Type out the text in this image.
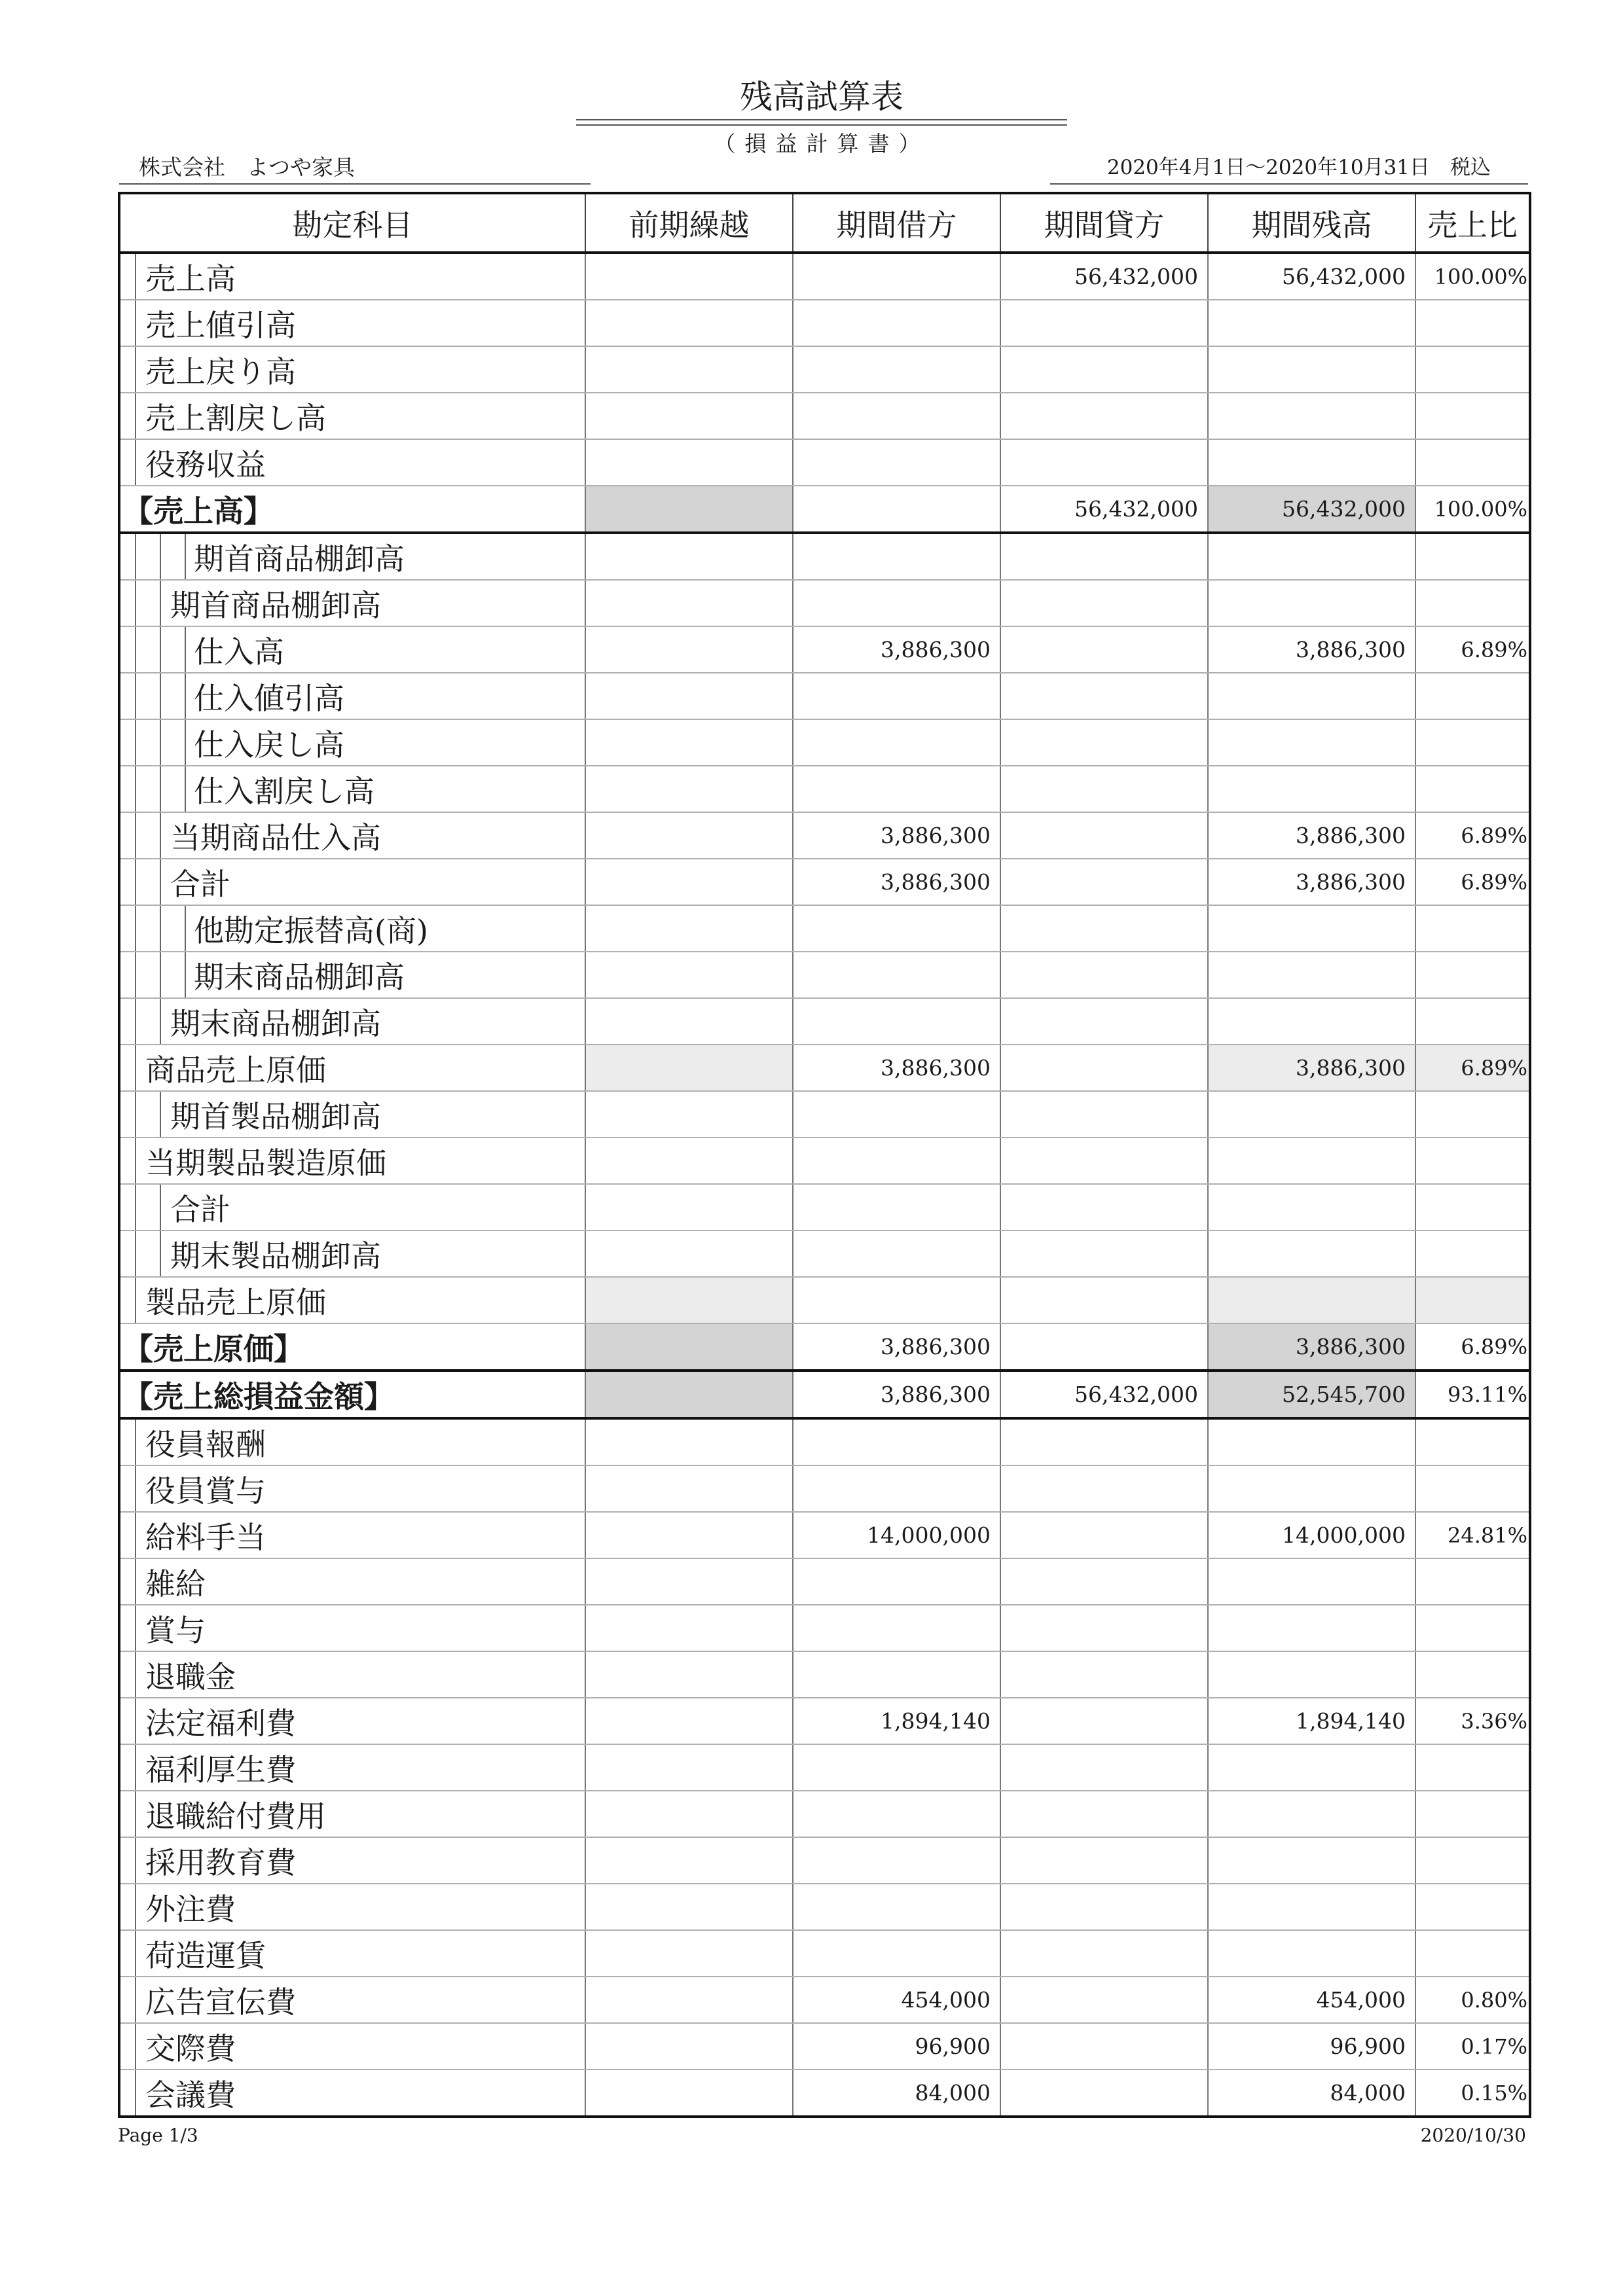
残高試算表
（損益計算書）
株式会社　よつや家具	2020年4月1日～2020年10月31日　税込
勘定科目	前期繰越	期間借方	期間貸方	期間残高	売上比

売上高			56,432,000	56,432,000	100.00%

売上値引高					

売上戻り高					

売上割戻し高					

役務収益					

【売上高】			56,432,000	56,432,000	100.00%

期首商品棚卸高					

期首商品棚卸高					

仕入高		3,886,300		3,886,300	6.89%

仕入値引高					

仕入戻し高					

仕入割戻し高					

当期商品仕入高		3,886,300		3,886,300	6.89%

合計		3,886,300		3,886,300	6.89%

他勘定振替高(商)					

期末商品棚卸高					

期末商品棚卸高					

商品売上原価		3,886,300		3,886,300	6.89%

期首製品棚卸高					

当期製品製造原価					

合計					

期末製品棚卸高					

製品売上原価					

【売上原価】		3,886,300		3,886,300	6.89%

【売上総損益金額】		3,886,300	56,432,000	52,545,700	93.11%

役員報酬					

役員賞与					

給料手当		14,000,000		14,000,000	24.81%

雑給					

賞与					

退職金					

法定福利費		1,894,140		1,894,140	3.36%

福利厚生費					

退職給付費用					

採用教育費					

外注費					

荷造運賃					

広告宣伝費		454,000		454,000	0.80%

交際費		96,900		96,900	0.17%

会議費		84,000		84,000	0.15%
Page 1/3	2020/10/30
